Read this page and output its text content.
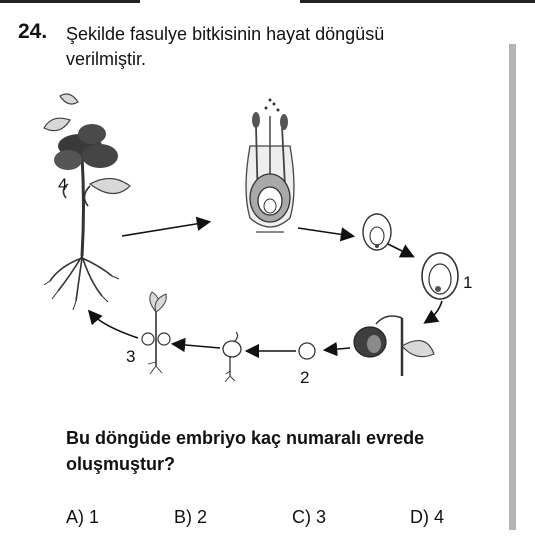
24. Şekilde fasulye bitkisinin hayat döngüsü verilmiştir.
4
1
2
3
Bu döngüde embriyo kaç numaralı evrede oluşmuştur?
A) 1	B) 2	C) 3	D) 4
